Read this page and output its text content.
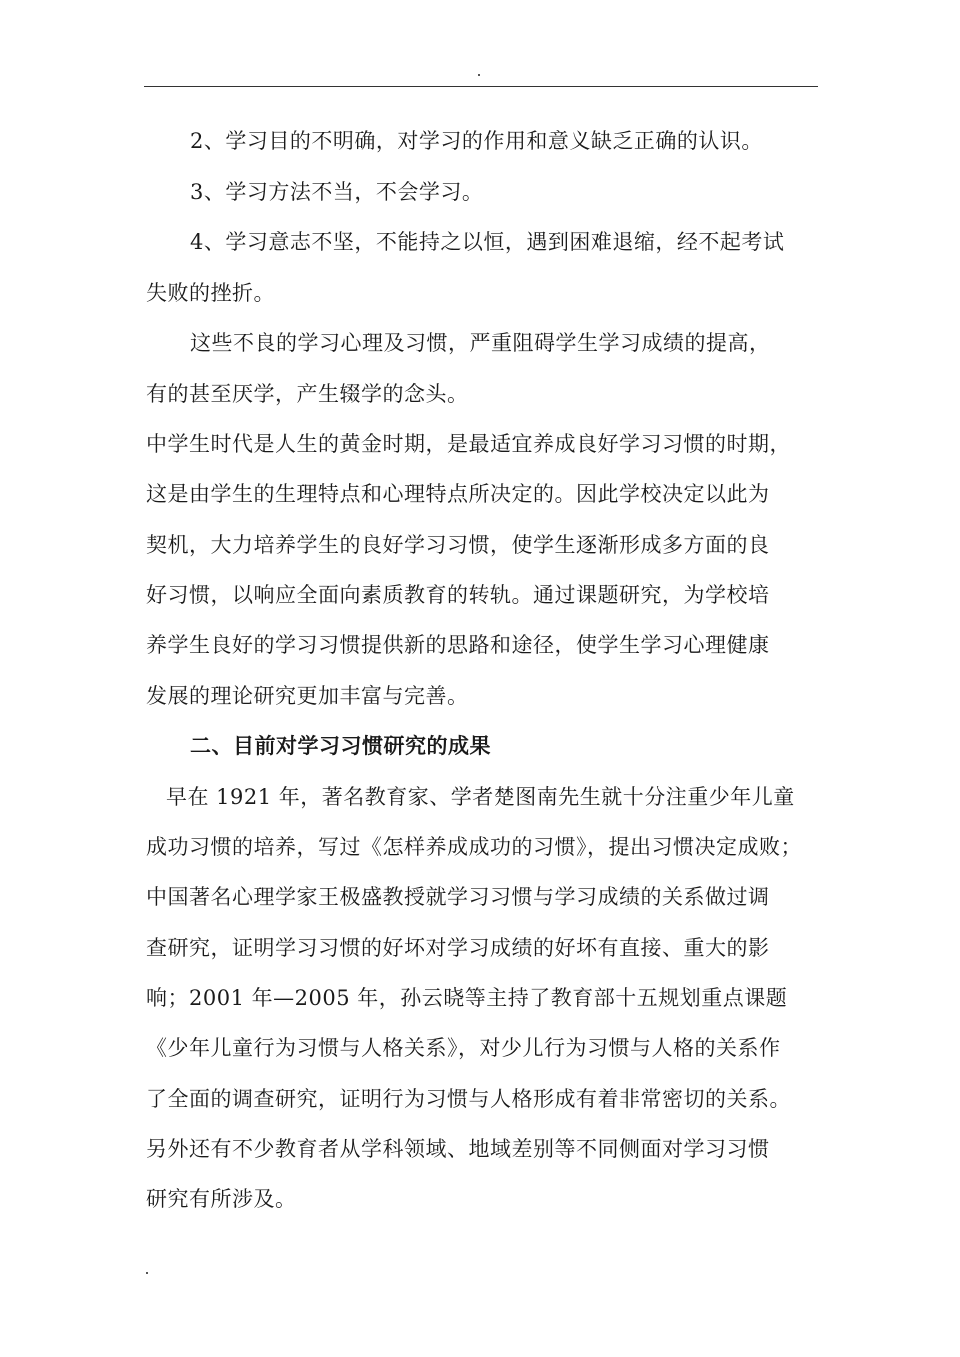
2、学习目的不明确，对学习的作用和意义缺乏正确的认识。
3、学习方法不当，不会学习。
4、学习意志不坚，不能持之以恒，遇到困难退缩，经不起考试
失败的挫折。
这些不良的学习心理及习惯，严重阻碍学生学习成绩的提高，
有的甚至厌学，产生辍学的念头。
中学生时代是人生的黄金时期，是最适宜养成良好学习习惯的时期，
这是由学生的生理特点和心理特点所决定的。因此学校决定以此为
契机，大力培养学生的良好学习习惯，使学生逐渐形成多方面的良
好习惯，以响应全面向素质教育的转轨。通过课题研究，为学校培
养学生良好的学习习惯提供新的思路和途径，使学生学习心理健康
发展的理论研究更加丰富与完善。
二、目前对学习习惯研究的成果
早在 1921 年，著名教育家、学者楚图南先生就十分注重少年儿童
成功习惯的培养，写过《怎样养成成功的习惯》，提出习惯决定成败；
中国著名心理学家王极盛教授就学习习惯与学习成绩的关系做过调
查研究，证明学习习惯的好坏对学习成绩的好坏有直接、重大的影
响；2001 年—2005 年，孙云晓等主持了教育部十五规划重点课题
《少年儿童行为习惯与人格关系》，对少儿行为习惯与人格的关系作
了全面的调查研究，证明行为习惯与人格形成有着非常密切的关系。
另外还有不少教育者从学科领域、地域差别等不同侧面对学习习惯
研究有所涉及。
